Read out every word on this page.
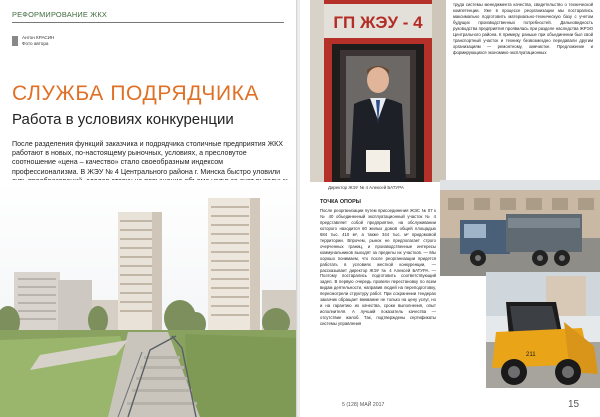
РЕФОРМИРОВАНИЕ ЖКХ
Антон КРАСИН
Фото автора
СЛУЖБА ПОДРЯДЧИКА
Работа в условиях конкуренции
После разделения функций заказчика и подрядчика столичные предприятия ЖКХ работают в новых, по-настоящему рыночных, условиях, а пресловутое соотношение «цена – качество» стало своеобразным индексом профессионализма. В ЖЭУ № 4 Центрального района г. Минска быстро уловили
ГП ЖЭУ - 4
Директор ЖЭУ № 4 Алексей БАТУРА
211
ТОЧКА ОПОРЫ
После реорганизации путем присоединения ЖЭС № 07 к № 40 объединенный эксплуатационный участок № 4 представляет собой предприятие, на обслуживании которого находится 60 жилых домов общей площадью 684 тыс. 410 м², а также 344 тыс. м² придомовой территории. Впрочем, рынок не предполагает строго очерченных границ, и производственные интересы коммунальников выходят за пределы их участков. — Мы хорошо понимаем, что после реорганизации придется работать в условиях жесткой конкуренции, — рассказывает директор ЖЭУ № 4 Алексей БАТУРА. — Поэтому постарались подготовить соответствующий задел. В первую очередь провели перестановку по всем видам деятельности, направив людей на переподготовку, пересмотрели структуру работ. При сохранении тендерах заказчик обращает внимание не только на цену услуг, но и на гарантию их качества, сроки выполнения, опыт исполнителя. А лучший показатель качества — отсутствие жалоб. Так, подтверждены сертификаты системы управления
труда системы менеджмента качества, свидетельство о технической компетенции. Уже в процессе реорганизации мы постарались максимально подготовить материально-техническую базу с учетом будущих производственных потребностей. Дальновидность руководства предприятия проявилась при разделе наследства ЖРЭО Центрального района. К примеру, раньше при объединении был свой транспортный участок и технику безвозмездно передавали другим организациям — ремонтному, химчистке. Предложение и формирующихся экономико-эксплуатационных
5 (128) МАЙ 2017	15
